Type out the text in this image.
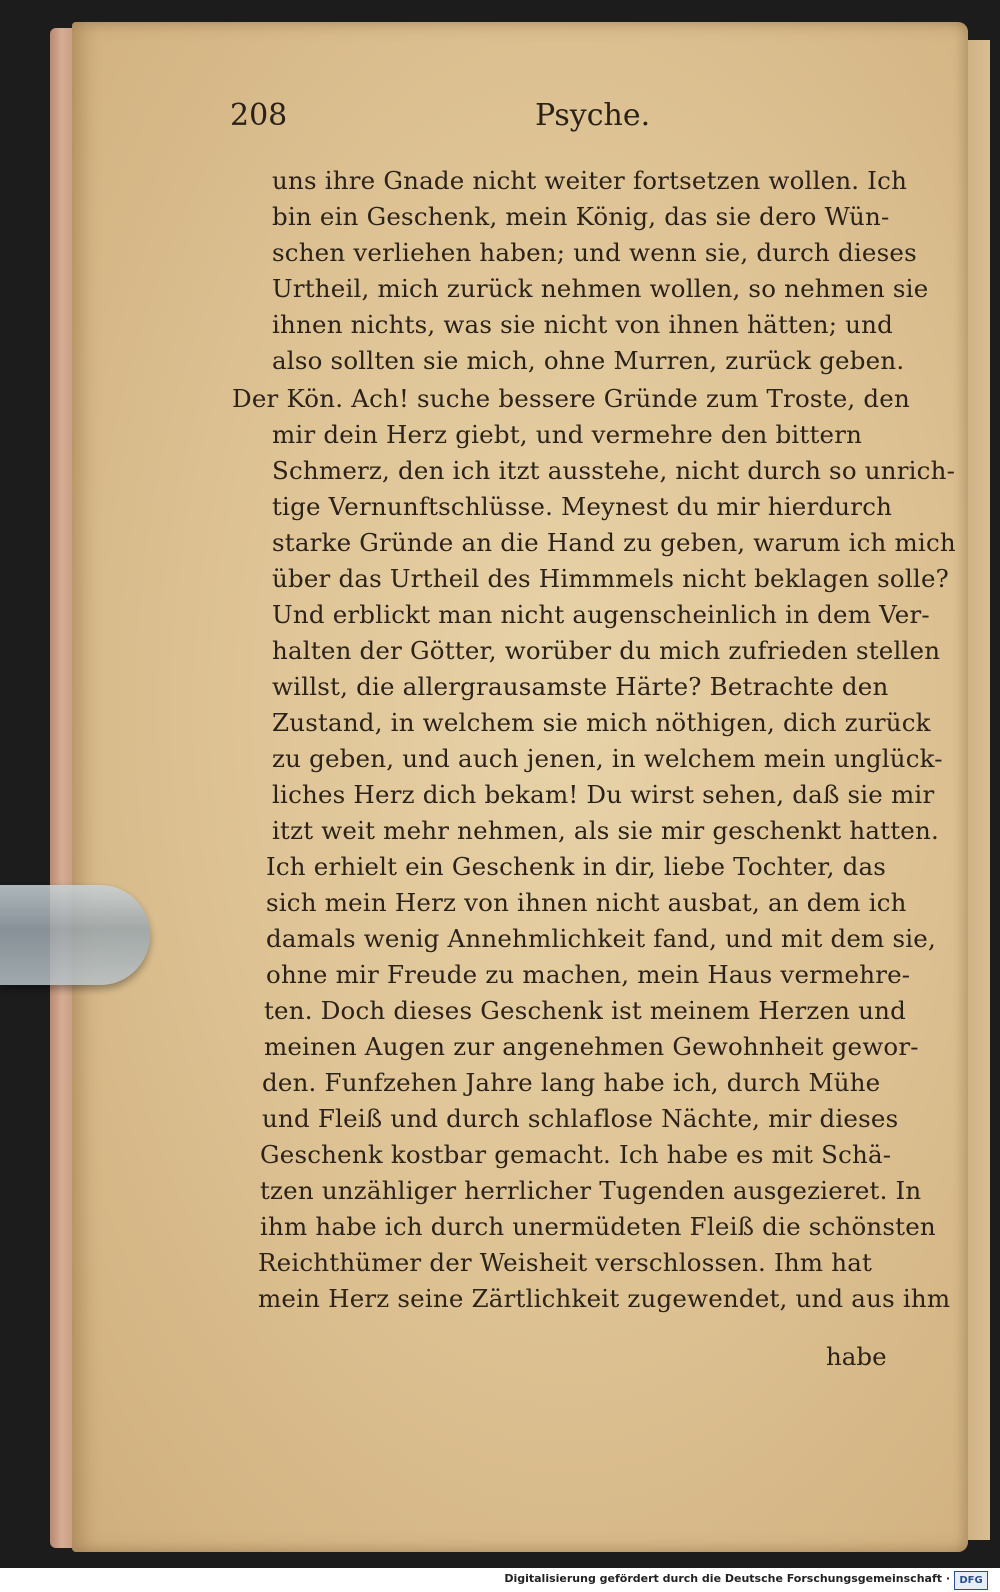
208	Psyche.
uns ihre Gnade nicht weiter fortsetzen wollen. Ich
bin ein Geschenk, mein König, das sie dero Wün-
schen verliehen haben; und wenn sie, durch dieses
Urtheil, mich zurück nehmen wollen, so nehmen sie
ihnen nichts, was sie nicht von ihnen hätten; und
also sollten sie mich, ohne Murren, zurück geben.
Der Kön. Ach! suche bessere Gründe zum Troste, den
mir dein Herz giebt, und vermehre den bittern
Schmerz, den ich itzt ausstehe, nicht durch so unrich-
tige Vernunftschlüsse. Meynest du mir hierdurch
starke Gründe an die Hand zu geben, warum ich mich
über das Urtheil des Himmmels nicht beklagen solle?
Und erblickt man nicht augenscheinlich in dem Ver-
halten der Götter, worüber du mich zufrieden stellen
willst, die allergrausamste Härte? Betrachte den
Zustand, in welchem sie mich nöthigen, dich zurück
zu geben, und auch jenen, in welchem mein unglück-
liches Herz dich bekam! Du wirst sehen, daß sie mir
itzt weit mehr nehmen, als sie mir geschenkt hatten.
Ich erhielt ein Geschenk in dir, liebe Tochter, das
sich mein Herz von ihnen nicht ausbat, an dem ich
damals wenig Annehmlichkeit fand, und mit dem sie,
ohne mir Freude zu machen, mein Haus vermehre-
ten. Doch dieses Geschenk ist meinem Herzen und
meinen Augen zur angenehmen Gewohnheit gewor-
den. Funfzehen Jahre lang habe ich, durch Mühe
und Fleiß und durch schlaflose Nächte, mir dieses
Geschenk kostbar gemacht. Ich habe es mit Schä-
tzen unzähliger herrlicher Tugenden ausgezieret. In
ihm habe ich durch unermüdeten Fleiß die schönsten
Reichthümer der Weisheit verschlossen. Ihm hat
mein Herz seine Zärtlichkeit zugewendet, und aus ihm
habe
Digitalisierung gefördert durch die Deutsche Forschungsgemeinschaft · DFG
